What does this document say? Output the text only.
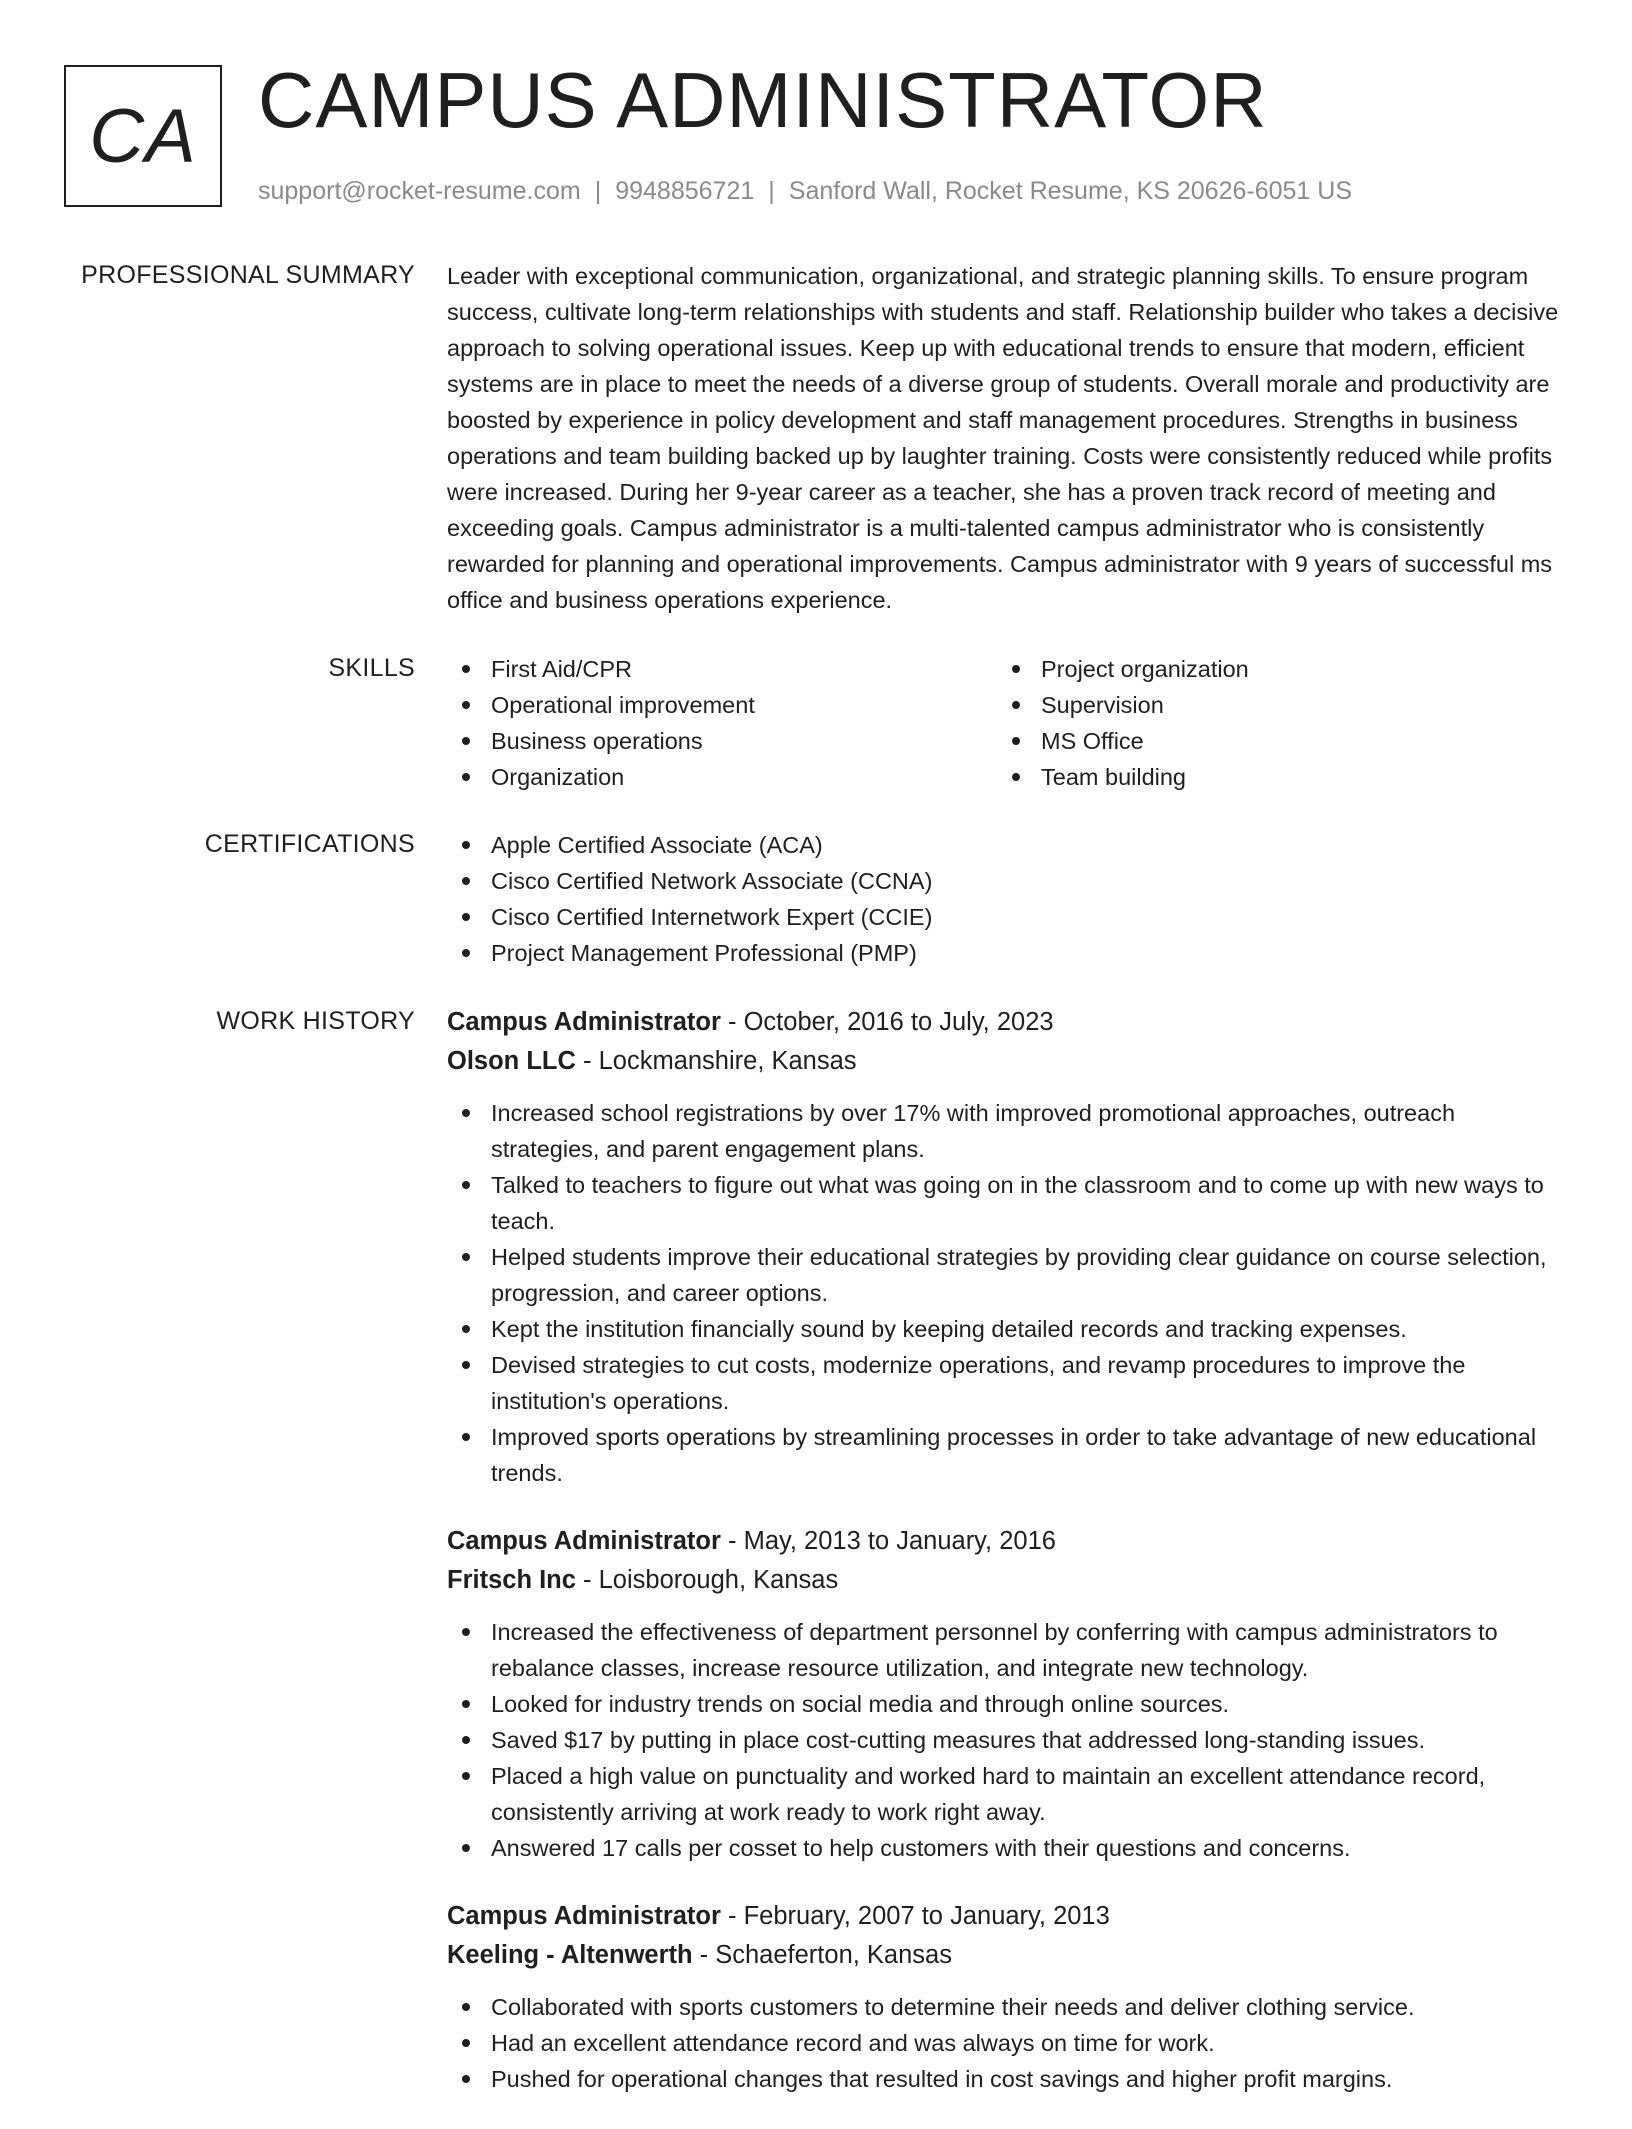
CA CAMPUS ADMINISTRATOR
support@rocket-resume.com | 9948856721 | Sanford Wall, Rocket Resume, KS 20626-6051 US
PROFESSIONAL SUMMARY Leader with exceptional communication, organizational, and strategic planning skills. To ensure program success, cultivate long-term relationships with students and staff. Relationship builder who takes a decisive approach to solving operational issues. Keep up with educational trends to ensure that modern, efficient systems are in place to meet the needs of a diverse group of students. Overall morale and productivity are boosted by experience in policy development and staff management procedures. Strengths in business operations and team building backed up by laughter training. Costs were consistently reduced while profits were increased. During her 9-year career as a teacher, she has a proven track record of meeting and exceeding goals. Campus administrator is a multi-talented campus administrator who is consistently rewarded for planning and operational improvements. Campus administrator with 9 years of successful ms office and business operations experience.
SKILLS	First Aid/CPR
Operational improvement
Business operations
Organization
Project organization
Supervision
MS Office
Team building
CERTIFICATIONS	Apple Certified Associate (ACA)
Cisco Certified Network Associate (CCNA)
Cisco Certified Internetwork Expert (CCIE)
Project Management Professional (PMP)
WORK HISTORY Campus Administrator - October, 2016 to July, 2023
Olson LLC - Lockmanshire, Kansas
Increased school registrations by over 17% with improved promotional approaches, outreach strategies, and parent engagement plans.
Talked to teachers to figure out what was going on in the classroom and to come up with new ways to teach.
Helped students improve their educational strategies by providing clear guidance on course selection, progression, and career options.
Kept the institution financially sound by keeping detailed records and tracking expenses.
Devised strategies to cut costs, modernize operations, and revamp procedures to improve the institution's operations.
Improved sports operations by streamlining processes in order to take advantage of new educational trends.
Campus Administrator - May, 2013 to January, 2016
Fritsch Inc - Loisborough, Kansas
Increased the effectiveness of department personnel by conferring with campus administrators to rebalance classes, increase resource utilization, and integrate new technology.
Looked for industry trends on social media and through online sources.
Saved $17 by putting in place cost-cutting measures that addressed long-standing issues.
Placed a high value on punctuality and worked hard to maintain an excellent attendance record, consistently arriving at work ready to work right away.
Answered 17 calls per cosset to help customers with their questions and concerns.
Campus Administrator - February, 2007 to January, 2013
Keeling - Altenwerth - Schaeferton, Kansas
Collaborated with sports customers to determine their needs and deliver clothing service.
Had an excellent attendance record and was always on time for work.
Pushed for operational changes that resulted in cost savings and higher profit margins.
